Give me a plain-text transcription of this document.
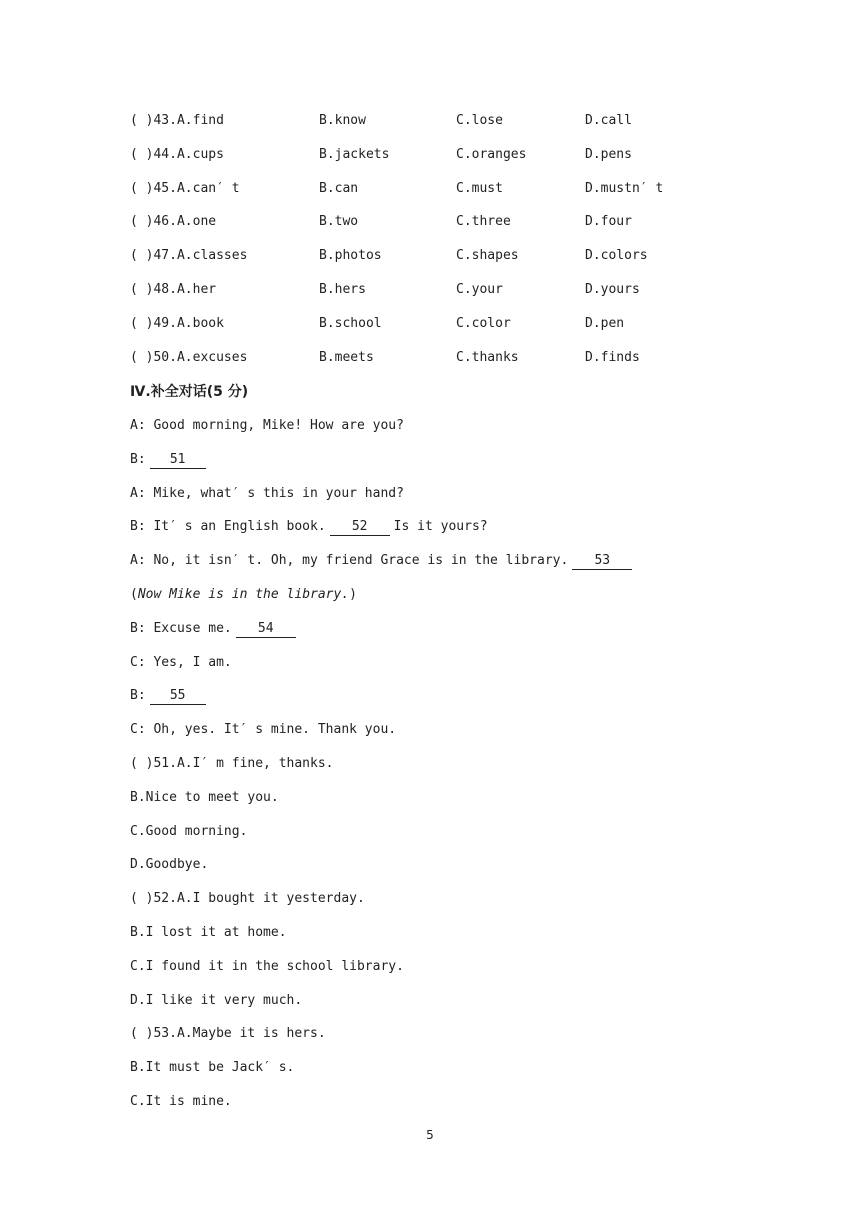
( )43.A.find	B.know	C.lose	D.call
( )44.A.cups	B.jackets	C.oranges	D.pens
( )45.A.can′ t	B.can	C.must	D.mustn′ t
( )46.A.one	B.two	C.three	D.four
( )47.A.classes	B.photos	C.shapes	D.colors
( )48.A.her	B.hers	C.your	D.yours
( )49.A.book	B.school	C.color	D.pen
( )50.A.excuses	B.meets	C.thanks	D.finds
Ⅳ.补全对话(5 分)
A: Good morning, Mike! How are you?
B: 51
A: Mike, what′ s this in your hand?
B: It′ s an English book. 52 Is it yours?
A: No, it isn′ t. Oh, my friend Grace is in the library. 53
(Now Mike is in the library.)
B: Excuse me. 54
C: Yes, I am.
B: 55
C: Oh, yes. It′ s mine. Thank you.
( )51.A.I′ m fine, thanks.
B.Nice to meet you.
C.Good morning.
D.Goodbye.
( )52.A.I bought it yesterday.
B.I lost it at home.
C.I found it in the school library.
D.I like it very much.
( )53.A.Maybe it is hers.
B.It must be Jack′ s.
C.It is mine.
5
